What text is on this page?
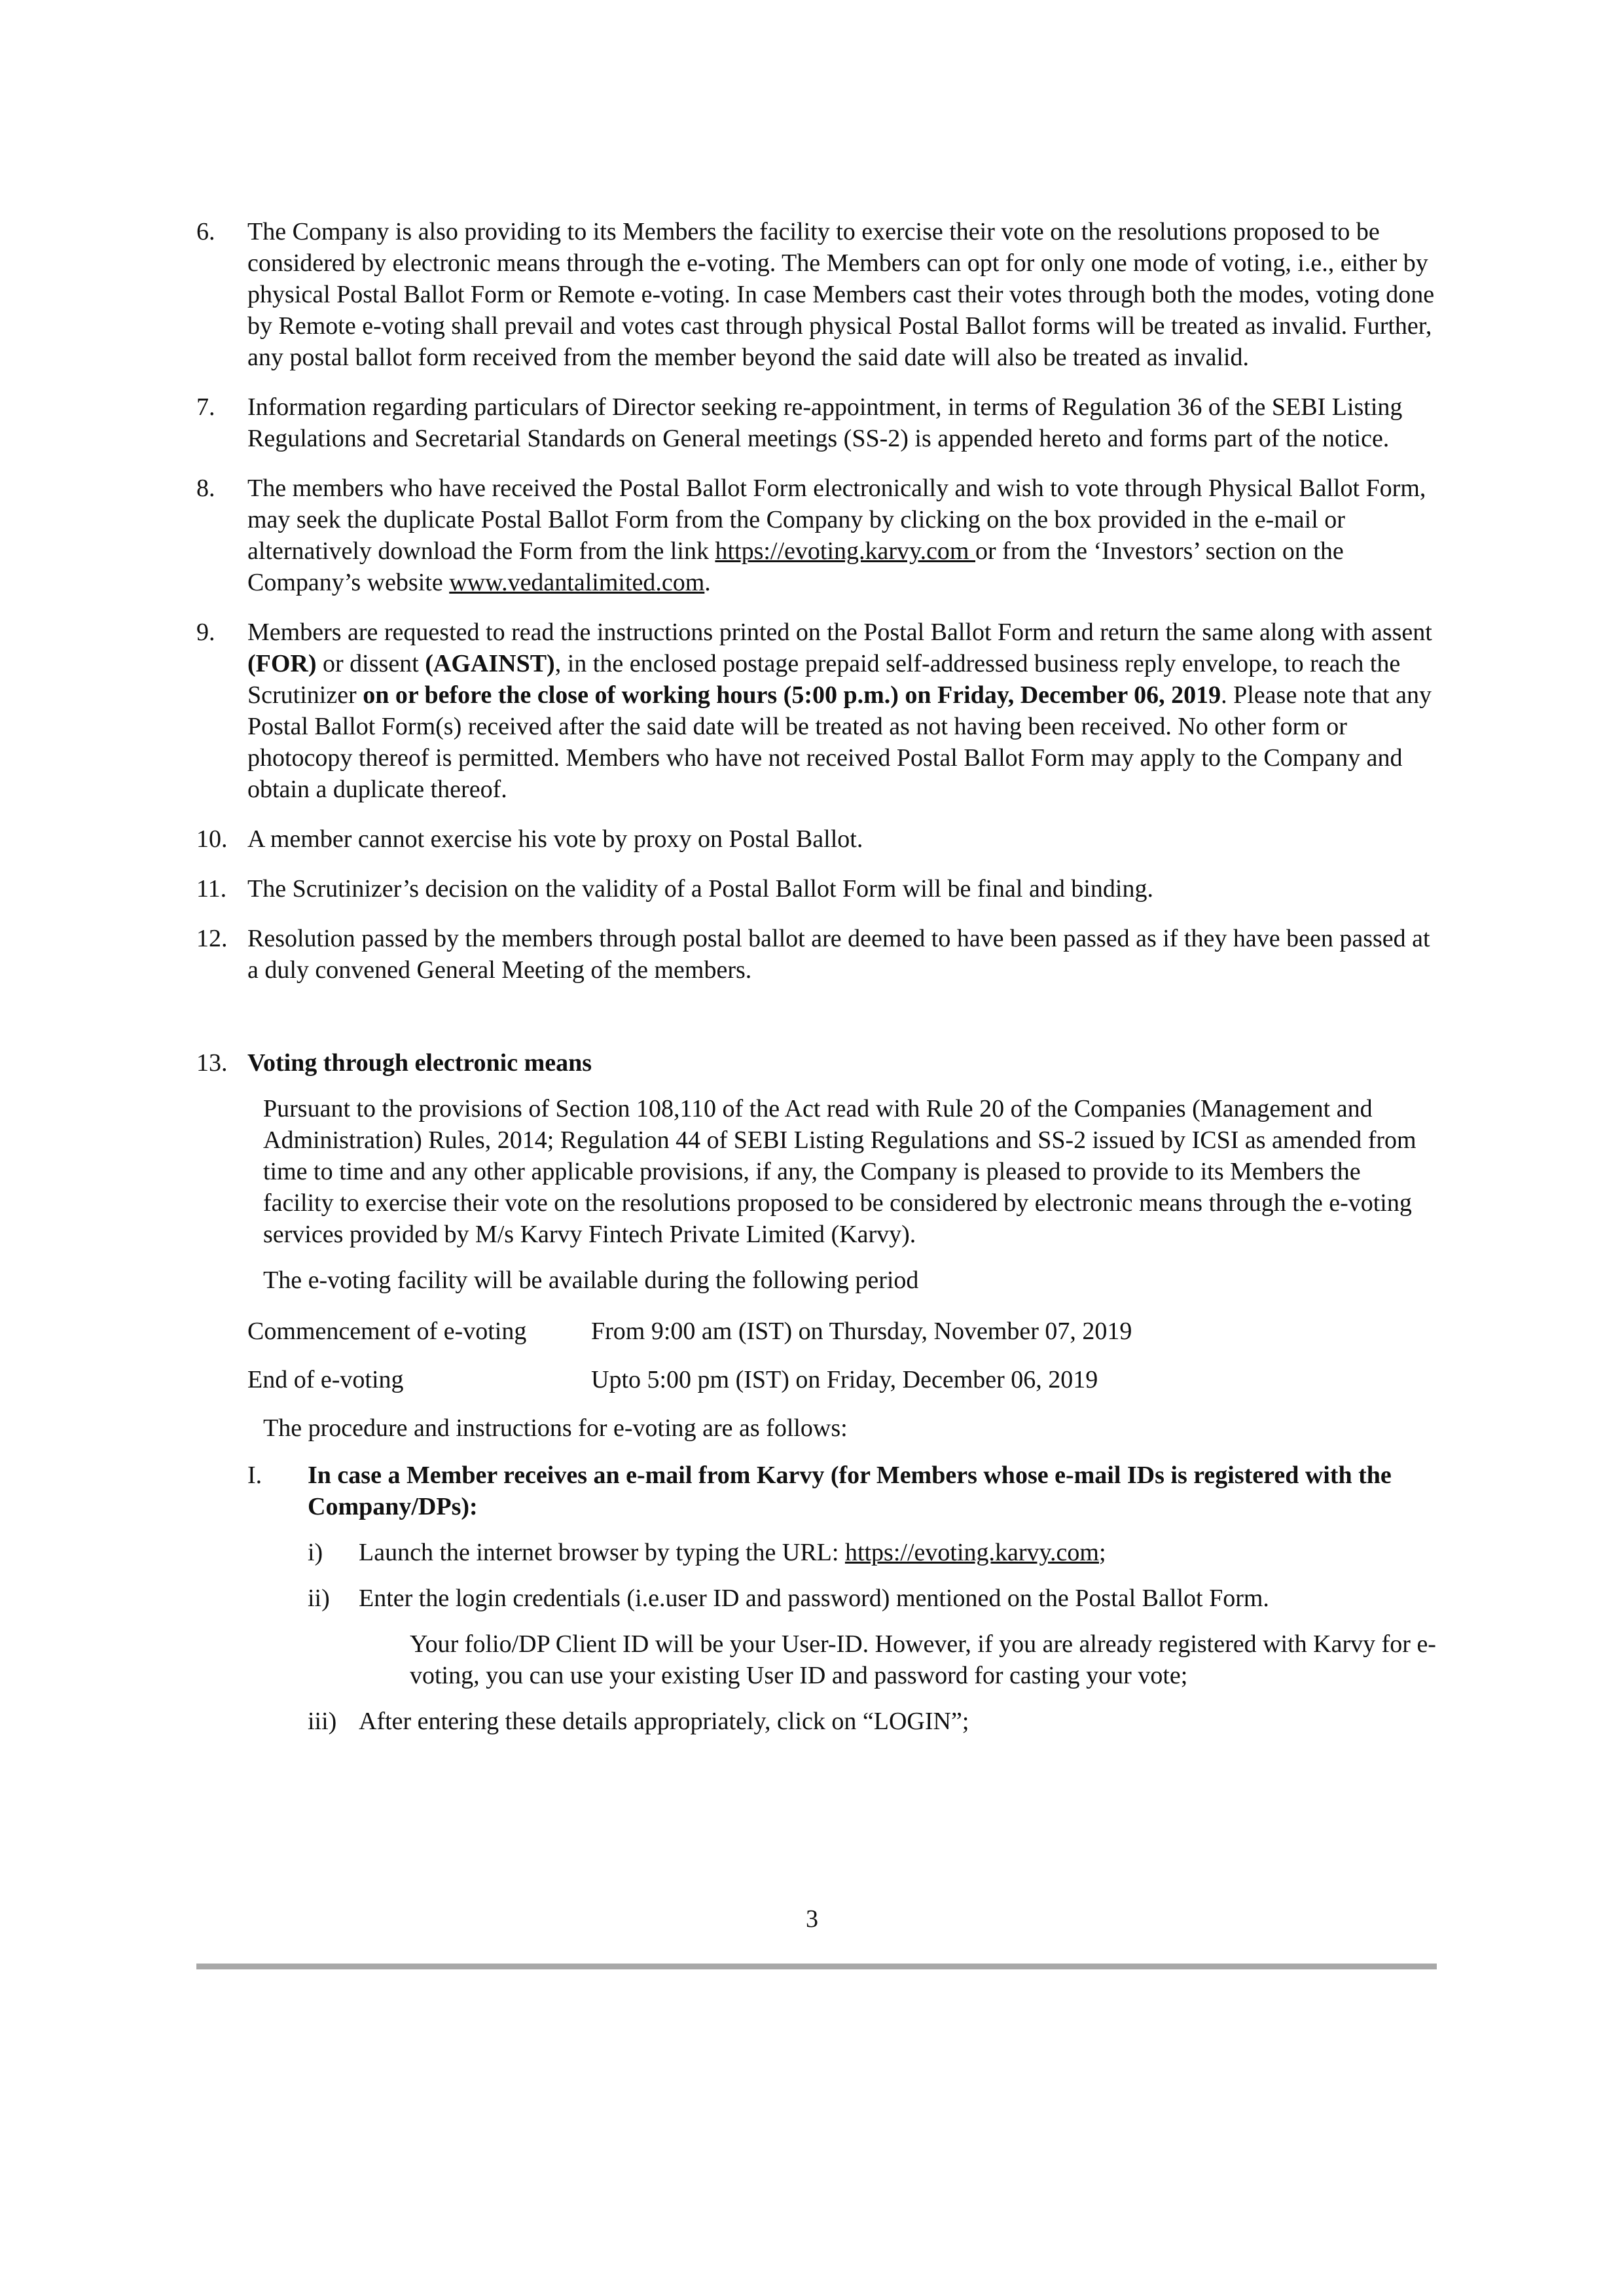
6. The Company is also providing to its Members the facility to exercise their vote on the resolutions proposed to be considered by electronic means through the e-voting. The Members can opt for only one mode of voting, i.e., either by physical Postal Ballot Form or Remote e-voting. In case Members cast their votes through both the modes, voting done by Remote e-voting shall prevail and votes cast through physical Postal Ballot forms will be treated as invalid. Further, any postal ballot form received from the member beyond the said date will also be treated as invalid.

7. Information regarding particulars of Director seeking re-appointment, in terms of Regulation 36 of the SEBI Listing Regulations and Secretarial Standards on General meetings (SS-2) is appended hereto and forms part of the notice.

8. The members who have received the Postal Ballot Form electronically and wish to vote through Physical Ballot Form, may seek the duplicate Postal Ballot Form from the Company by clicking on the box provided in the e-mail or alternatively download the Form from the link https://evoting.karvy.com or from the ‘Investors’ section on the Company’s website www.vedantalimited.com.

9. Members are requested to read the instructions printed on the Postal Ballot Form and return the same along with assent (FOR) or dissent (AGAINST), in the enclosed postage prepaid self-addressed business reply envelope, to reach the Scrutinizer on or before the close of working hours (5:00 p.m.) on Friday, December 06, 2019. Please note that any Postal Ballot Form(s) received after the said date will be treated as not having been received. No other form or photocopy thereof is permitted. Members who have not received Postal Ballot Form may apply to the Company and obtain a duplicate thereof.

10. A member cannot exercise his vote by proxy on Postal Ballot.

11. The Scrutinizer’s decision on the validity of a Postal Ballot Form will be final and binding.

12. Resolution passed by the members through postal ballot are deemed to have been passed as if they have been passed at a duly convened General Meeting of the members.

13. Voting through electronic means

Pursuant to the provisions of Section 108,110 of the Act read with Rule 20 of the Companies (Management and Administration) Rules, 2014; Regulation 44 of SEBI Listing Regulations and SS-2 issued by ICSI as amended from time to time and any other applicable provisions, if any, the Company is pleased to provide to its Members the facility to exercise their vote on the resolutions proposed to be considered by electronic means through the e-voting services provided by M/s Karvy Fintech Private Limited (Karvy).

The e-voting facility will be available during the following period

Commencement of e-voting	From 9:00 am (IST) on Thursday, November 07, 2019
End of e-voting	Upto 5:00 pm (IST) on Friday, December 06, 2019

The procedure and instructions for e-voting are as follows:

I. In case a Member receives an e-mail from Karvy (for Members whose e-mail IDs is registered with the Company/DPs):

i) Launch the internet browser by typing the URL: https://evoting.karvy.com;

ii) Enter the login credentials (i.e.user ID and password) mentioned on the Postal Ballot Form.

Your folio/DP Client ID will be your User-ID. However, if you are already registered with Karvy for e-voting, you can use your existing User ID and password for casting your vote;

iii) After entering these details appropriately, click on “LOGIN”;

3
